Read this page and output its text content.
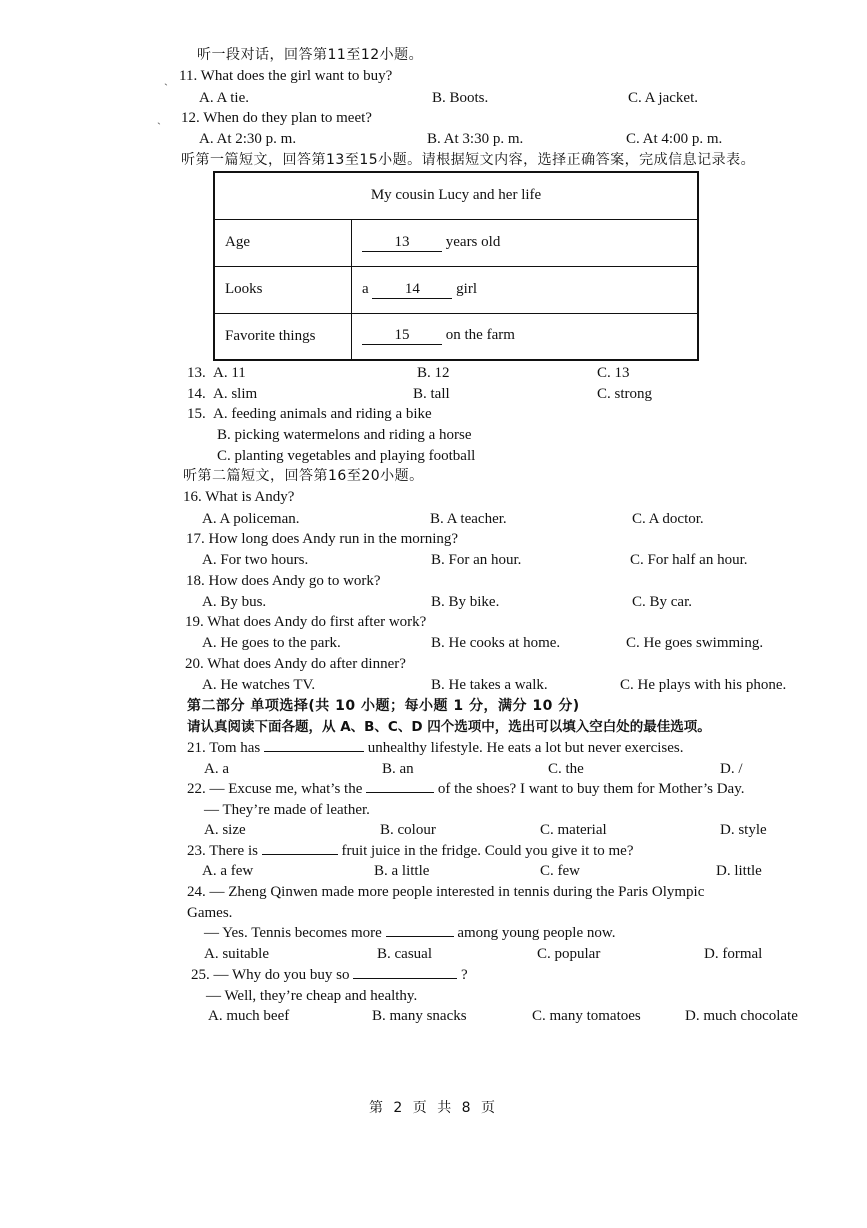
听一段对话，回答第11至12小题。
11. What does the girl want to buy?
A. A tie.	B. Boots.	C. A jacket.
12. When do they plan to meet?
A. At 2:30 p. m.	B. At 3:30 p. m.	C. At 4:00 p. m.
听第一篇短文，回答第13至15小题。请根据短文内容，选择正确答案，完成信息记录表。
My cousin Lucy and her life	
Age	13 years old
Looks	a 14 girl
Favorite things	15 on the farm
13. A. 11	B. 12	C. 13
14. A. slim	B. tall	C. strong
15. A. feeding animals and riding a bike
B. picking watermelons and riding a horse
C. planting vegetables and playing football
听第二篇短文，回答第16至20小题。
16. What is Andy?
A. A policeman.	B. A teacher.	C. A doctor.
17. How long does Andy run in the morning?
A. For two hours.	B. For an hour.	C. For half an hour.
18. How does Andy go to work?
A. By bus.	B. By bike.	C. By car.
19. What does Andy do first after work?
A. He goes to the park.	B. He cooks at home.	C. He goes swimming.
20. What does Andy do after dinner?
A. He watches TV.	B. He takes a walk.	C. He plays with his phone.
第二部分 单项选择(共 10 小题；每小题 1 分，满分 10 分)
请认真阅读下面各题，从 A、B、C、D 四个选项中，选出可以填入空白处的最佳选项。
21. Tom has	unhealthy lifestyle. He eats a lot but never exercises.
A. a	B. an	C. the	D. /
22. — Excuse me, what’s the	of the shoes? I want to buy them for Mother’s Day.
— They’re made of leather.
A. size	B. colour	C. material	D. style
23. There is	fruit juice in the fridge. Could you give it to me?
A. a few	B. a little	C. few	D. little
24. — Zheng Qinwen made more people interested in tennis during the Paris Olympic
Games.
— Yes. Tennis becomes more	among young people now.
A. suitable	B. casual	C. popular	D. formal
25. — Why do you buy so	?
— Well, they’re cheap and healthy.
A. much beef	B. many snacks	C. many tomatoes	D. much chocolate
ˎ
ˋ
第 2 页 共 8 页
